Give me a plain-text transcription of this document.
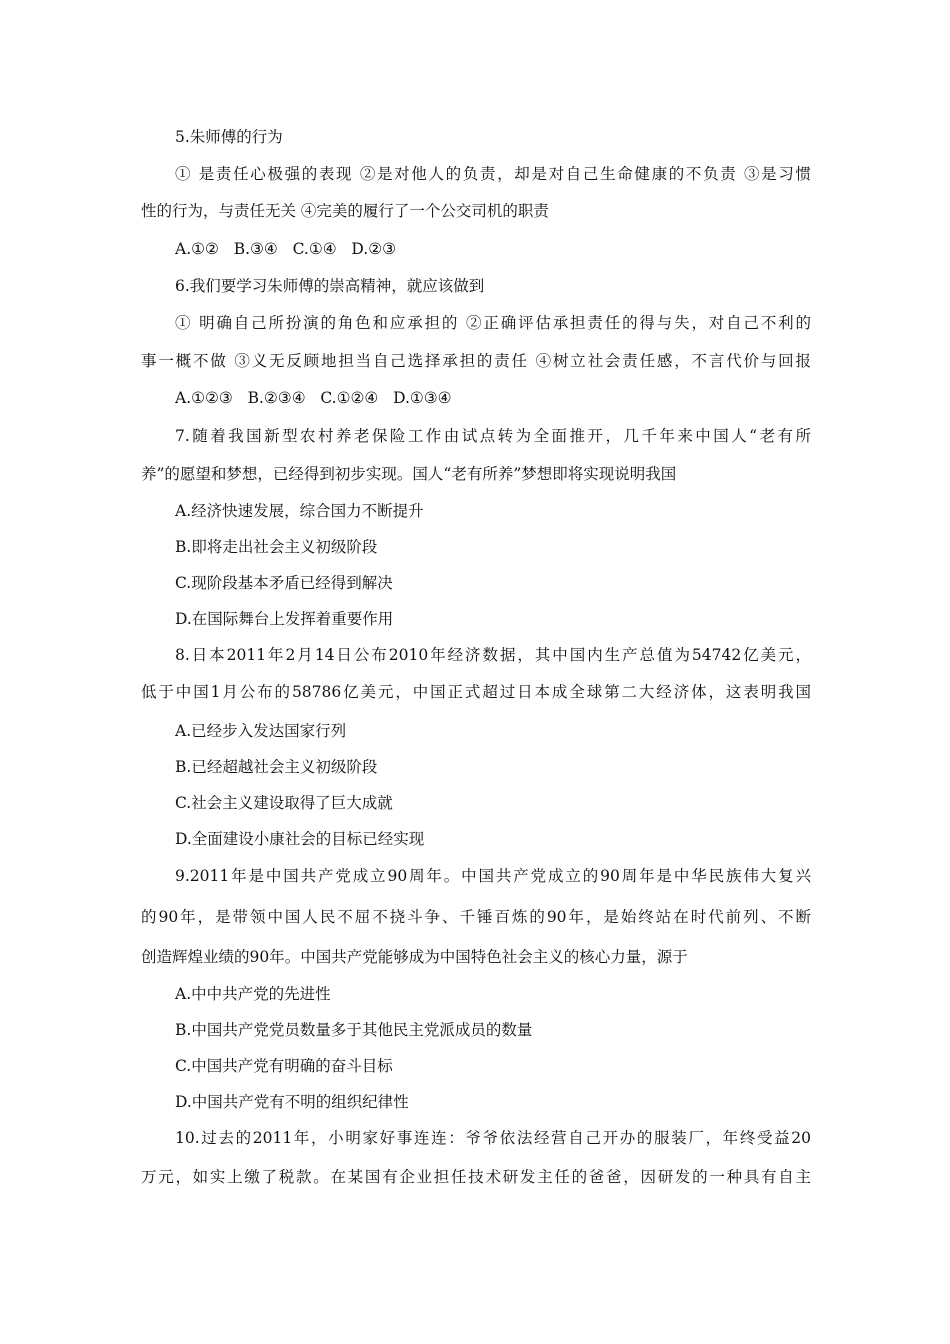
5.朱师傅的行为
① 是责任心极强的表现 ②是对他人的负责，却是对自己生命健康的不负责 ③是习惯
性的行为，与责任无关 ④完美的履行了一个公交司机的职责
A.①②   B.③④   C.①④   D.②③
6.我们要学习朱师傅的崇高精神，就应该做到
① 明确自己所扮演的角色和应承担的 ②正确评估承担责任的得与失，对自己不利的
事一概不做 ③义无反顾地担当自己选择承担的责任 ④树立社会责任感，不言代价与回报
A.①②③   B.②③④   C.①②④   D.①③④
7.随着我国新型农村养老保险工作由试点转为全面推开，几千年来中国人“老有所
养”的愿望和梦想，已经得到初步实现。国人“老有所养”梦想即将实现说明我国
A.经济快速发展，综合国力不断提升
B.即将走出社会主义初级阶段
C.现阶段基本矛盾已经得到解决
D.在国际舞台上发挥着重要作用
8.日本2011年2月14日公布2010年经济数据，其中国内生产总值为54742亿美元，
低于中国1月公布的58786亿美元，中国正式超过日本成全球第二大经济体，这表明我国
A.已经步入发达国家行列
B.已经超越社会主义初级阶段
C.社会主义建设取得了巨大成就
D.全面建设小康社会的目标已经实现
9.2011年是中国共产党成立90周年。中国共产党成立的90周年是中华民族伟大复兴
的90年，是带领中国人民不屈不挠斗争、千锤百炼的90年，是始终站在时代前列、不断
创造辉煌业绩的90年。中国共产党能够成为中国特色社会主义的核心力量，源于
A.中中共产党的先进性
B.中国共产党党员数量多于其他民主党派成员的数量
C.中国共产党有明确的奋斗目标
D.中国共产党有不明的组织纪律性
10.过去的2011年，小明家好事连连：爷爷依法经营自己开办的服装厂，年终受益20
万元，如实上缴了税款。在某国有企业担任技术研发主任的爸爸，因研发的一种具有自主
